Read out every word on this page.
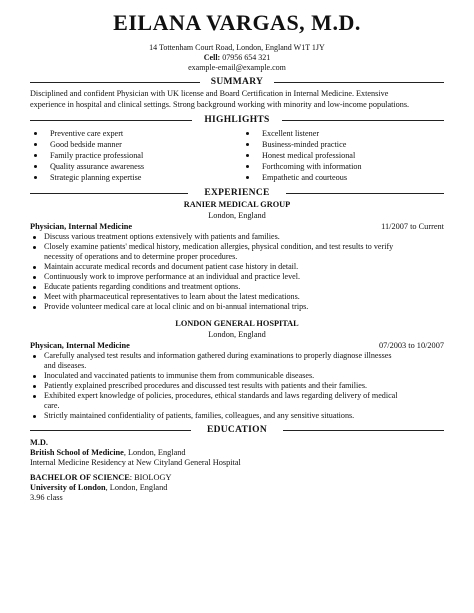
EILANA VARGAS, M.D.
14 Tottenham Court Road, London, England W1T 1JY
Cell: 07956 654 321
example-email@example.com
SUMMARY
Disciplined and confident Physician with UK license and Board Certification in Internal Medicine. Extensive
experience in hospital and clinical settings. Strong background working with minority and low-income populations.
HIGHLIGHTS
Preventive care expert
Good bedside manner
Family practice professional
Quality assurance awareness
Strategic planning expertise
Excellent listener
Business-minded practice
Honest medical professional
Forthcoming with information
Empathetic and courteous
EXPERIENCE
RANIER MEDICAL GROUP
London, England
Physician, Internal Medicine	11/2007 to Current
Discuss various treatment options extensively with patients and families.
Closely examine patients' medical history, medication allergies, physical condition, and test results to verify
necessity of operations and to determine proper procedures.
Maintain accurate medical records and document patient case history in detail.
Continuously work to improve performance at an individual and practice level.
Educate patients regarding conditions and treatment options.
Meet with pharmaceutical representatives to learn about the latest medications.
Provide volunteer medical care at local clinic and on bi-annual international trips.
LONDON GENERAL HOSPITAL
London, England
Physican, Internal Medicine	07/2003 to 10/2007
Carefully analysed test results and information gathered during examinations to properly diagnose illnesses
and diseases.
Inoculated and vaccinated patients to immunise them from communicable diseases.
Patiently explained prescribed procedures and discussed test results with patients and their families.
Exhibited expert knowledge of policies, procedures, ethical standards and laws regarding delivery of medical
care.
Strictly maintained confidentiality of patients, families, colleagues, and any sensitive situations.
EDUCATION
M.D.
British School of Medicine, London, England
Internal Medicine Residency at New Cityland General Hospital
BACHELOR OF SCIENCE: BIOLOGY
University of London, London, England
3.96 class
